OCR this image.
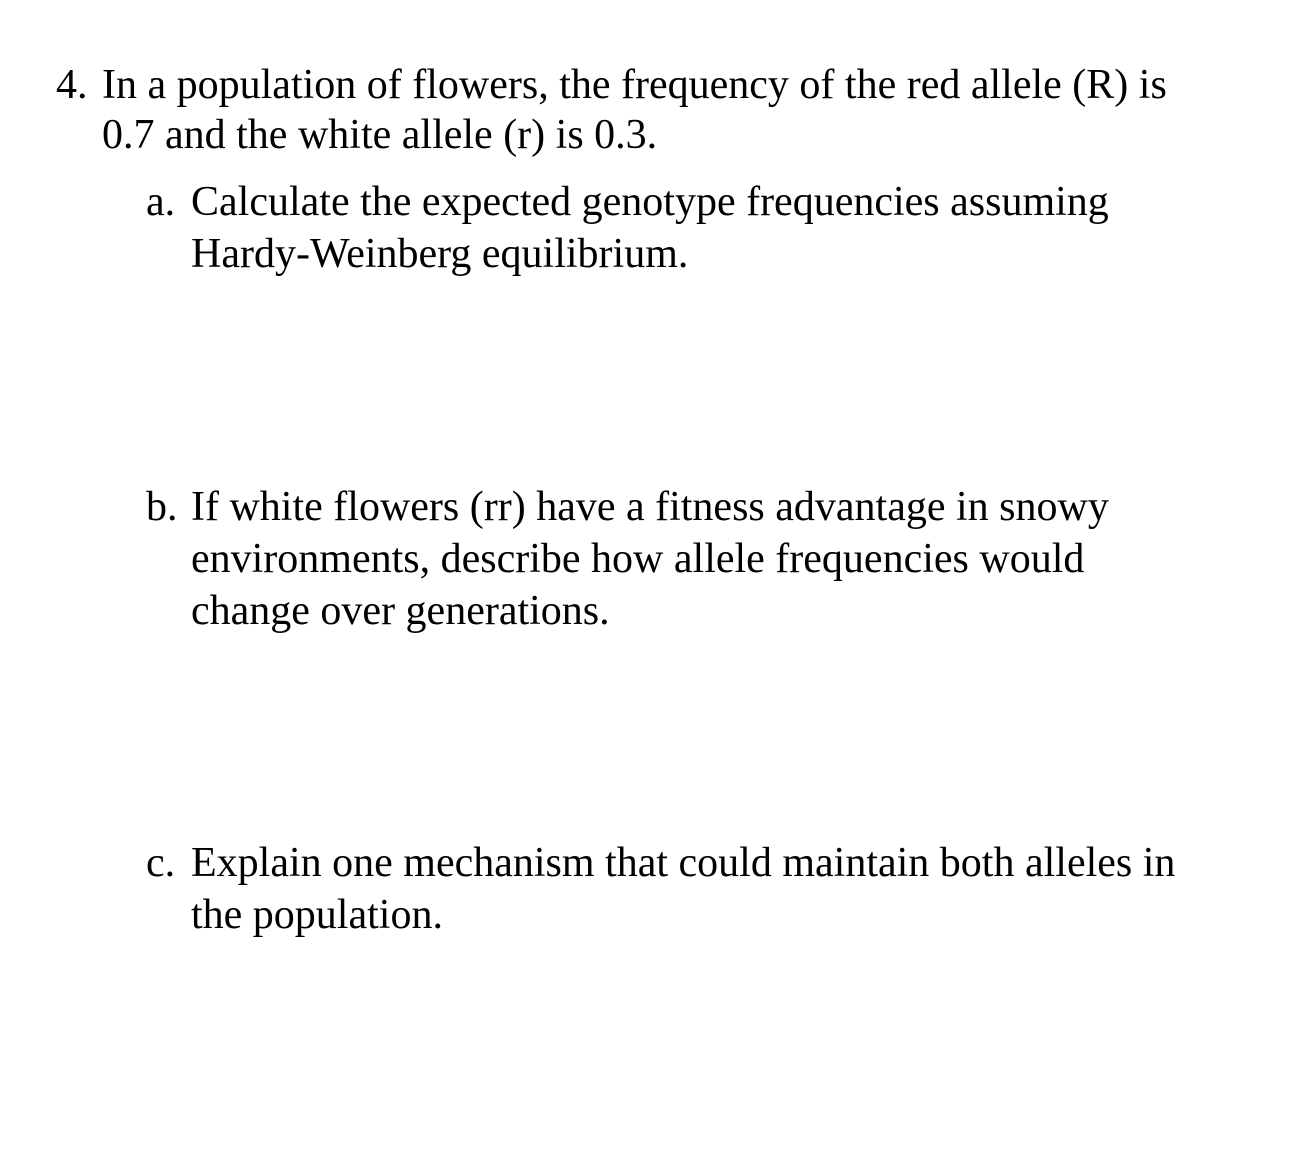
4. In a population of flowers, the frequency of the red allele (R) is 0.7 and the white allele (r) is 0.3.
a. Calculate the expected genotype frequencies assuming Hardy-Weinberg equilibrium.
b. If white flowers (rr) have a fitness advantage in snowy environments, describe how allele frequencies would change over generations.
c. Explain one mechanism that could maintain both alleles in the population.
